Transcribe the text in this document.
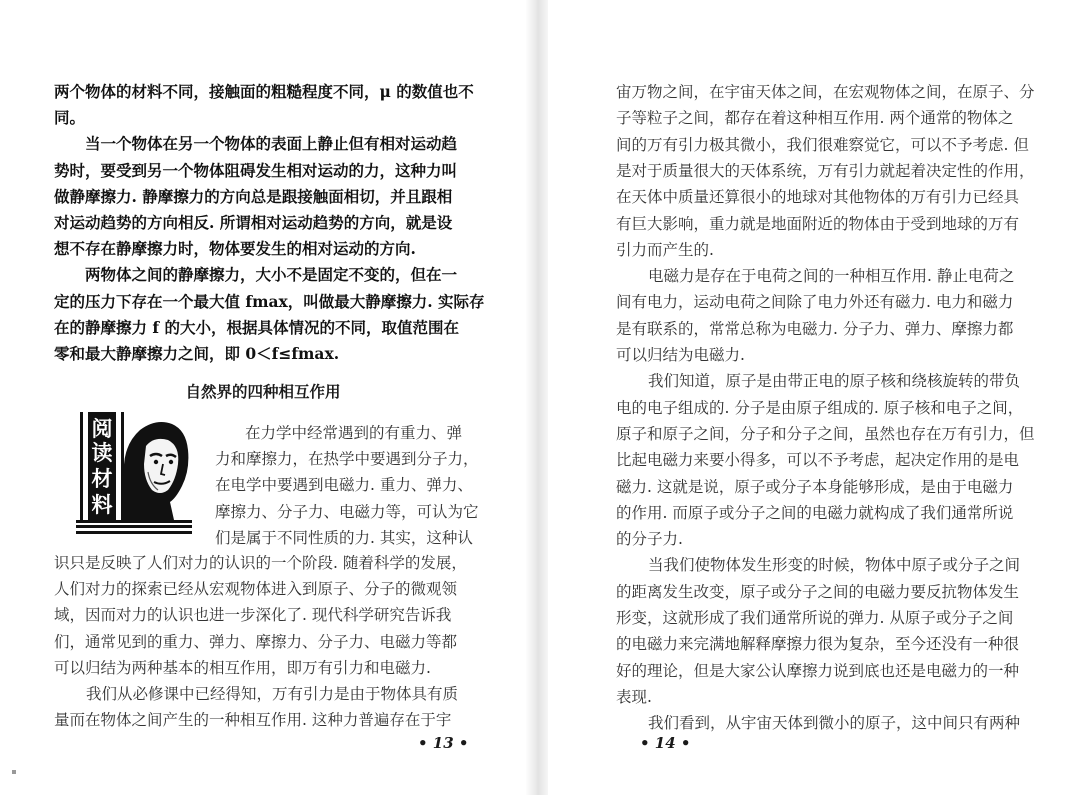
两个物体的材料不同，接触面的粗糙程度不同，μ 的数值也不
同。
当一个物体在另一个物体的表面上静止但有相对运动趋
势时，要受到另一个物体阻碍发生相对运动的力，这种力叫
做静摩擦力. 静摩擦力的方向总是跟接触面相切，并且跟相
对运动趋势的方向相反. 所谓相对运动趋势的方向，就是设
想不存在静摩擦力时，物体要发生的相对运动的方向.
两物体之间的静摩擦力，大小不是固定不变的，但在一
定的压力下存在一个最大值 fmax，叫做最大静摩擦力. 实际存
在的静摩擦力 f 的大小，根据具体情况的不同，取值范围在
零和最大静摩擦力之间，即 0＜f≤fmax.
自然界的四种相互作用
阅
读
材
料
在力学中经常遇到的有重力、弹
力和摩擦力，在热学中要遇到分子力，
在电学中要遇到电磁力. 重力、弹力、
摩擦力、分子力、电磁力等，可认为它
们是属于不同性质的力. 其实，这种认
识只是反映了人们对力的认识的一个阶段. 随着科学的发展，
人们对力的探索已经从宏观物体进入到原子、分子的微观领
域，因而对力的认识也进一步深化了. 现代科学研究告诉我
们，通常见到的重力、弹力、摩擦力、分子力、电磁力等都
可以归结为两种基本的相互作用，即万有引力和电磁力.
我们从必修课中已经得知，万有引力是由于物体具有质
量而在物体之间产生的一种相互作用. 这种力普遍存在于宇
• 13 •
宙万物之间，在宇宙天体之间，在宏观物体之间，在原子、分
子等粒子之间，都存在着这种相互作用. 两个通常的物体之
间的万有引力极其微小，我们很难察觉它，可以不予考虑. 但
是对于质量很大的天体系统，万有引力就起着决定性的作用，
在天体中质量还算很小的地球对其他物体的万有引力已经具
有巨大影响，重力就是地面附近的物体由于受到地球的万有
引力而产生的.
电磁力是存在于电荷之间的一种相互作用. 静止电荷之
间有电力，运动电荷之间除了电力外还有磁力. 电力和磁力
是有联系的，常常总称为电磁力. 分子力、弹力、摩擦力都
可以归结为电磁力.
我们知道，原子是由带正电的原子核和绕核旋转的带负
电的电子组成的. 分子是由原子组成的. 原子核和电子之间，
原子和原子之间，分子和分子之间，虽然也存在万有引力，但
比起电磁力来要小得多，可以不予考虑，起决定作用的是电
磁力. 这就是说，原子或分子本身能够形成，是由于电磁力
的作用. 而原子或分子之间的电磁力就构成了我们通常所说
的分子力.
当我们使物体发生形变的时候，物体中原子或分子之间
的距离发生改变，原子或分子之间的电磁力要反抗物体发生
形变，这就形成了我们通常所说的弹力. 从原子或分子之间
的电磁力来完满地解释摩擦力很为复杂，至今还没有一种很
好的理论，但是大家公认摩擦力说到底也还是电磁力的一种
表现.
我们看到，从宇宙天体到微小的原子，这中间只有两种
• 14 •
